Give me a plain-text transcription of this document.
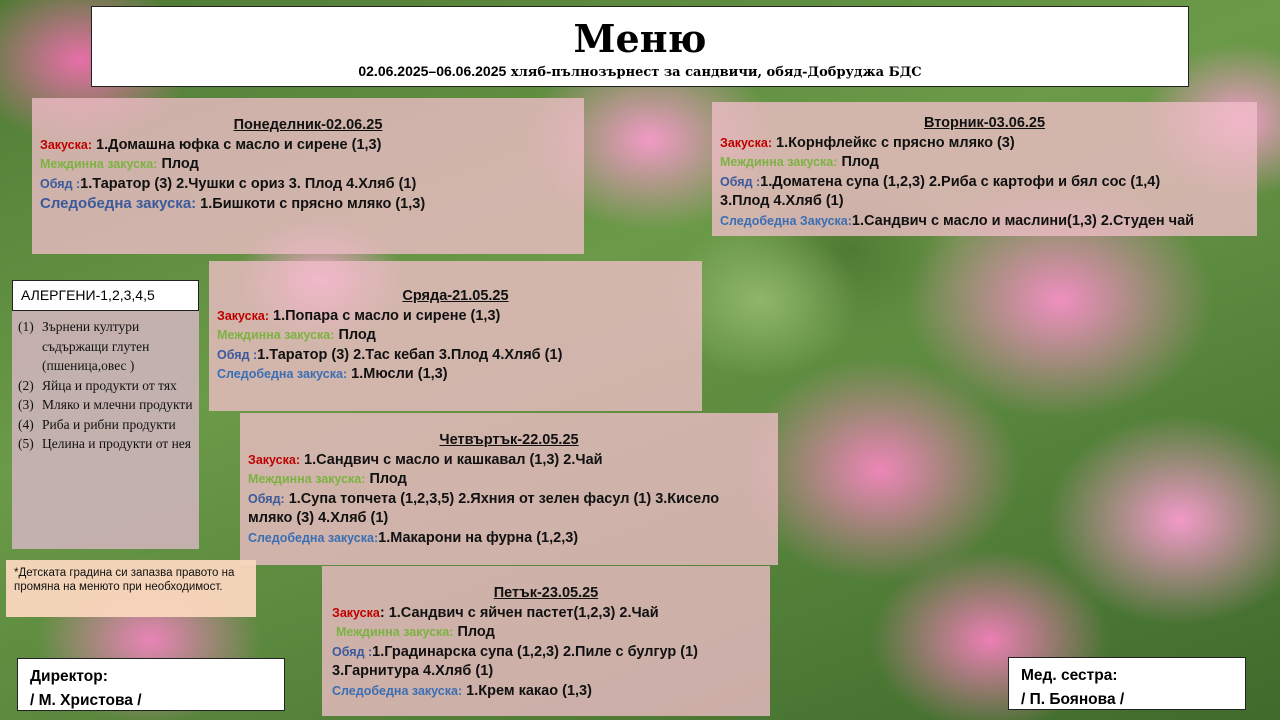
Меню
02.06.2025–06.06.2025 хляб-пълнозърнест за сандвичи, обяд-Добруджа БДС
Понеделник-02.06.25
Закуска: 1.Домашна юфка с масло и сирене (1,3)
Междинна закуска: Плод
Обяд :1.Таратор (3) 2.Чушки с ориз 3. Плод 4.Хляб (1)
Следобедна закуска: 1.Бишкоти с прясно мляко (1,3)
Вторник-03.06.25
Закуска: 1.Корнфлейкс с прясно мляко (3)
Междинна закуска: Плод
Обяд :1.Доматена супа (1,2,3) 2.Риба с картофи и бял сос (1,4)
3.Плод 4.Хляб (1)
Следобедна Закуска:1.Сандвич с масло и маслини(1,3) 2.Студен чай
Сряда-21.05.25
Закуска: 1.Попара с масло и сирене (1,3)
Междинна закуска: Плод
Обяд :1.Таратор (3) 2.Тас кебап 3.Плод 4.Хляб (1)
Следобедна закуска: 1.Мюсли (1,3)
Четвъртък-22.05.25
Закуска: 1.Сандвич с масло и кашкавал (1,3) 2.Чай
Междинна закуска: Плод
Обяд: 1.Супа топчета (1,2,3,5) 2.Яхния от зелен фасул (1) 3.Кисело
мляко (3) 4.Хляб (1)
Следобедна закуска:1.Макарони на фурна (1,2,3)
Петък-23.05.25
Закуска: 1.Сандвич с яйчен пастет(1,2,3) 2.Чай
Междинна закуска: Плод
Обяд :1.Градинарска супа (1,2,3) 2.Пиле с булгур (1)
3.Гарнитура 4.Хляб (1)
Следобедна закуска: 1.Крем какао (1,3)
АЛЕРГЕНИ-1,2,3,4,5
(1) Зърнени култури съдържащи глутен (пшеница,овес )
(2) Яйца и продукти от тях
(3) Мляко и млечни продукти
(4) Риба и рибни продукти
(5) Целина и продукти от нея
*Детската градина си запазва правото на промяна на менюто при необходимост.
Директор:
/ М. Христова /
Мед. сестра:
/ П. Боянова /
